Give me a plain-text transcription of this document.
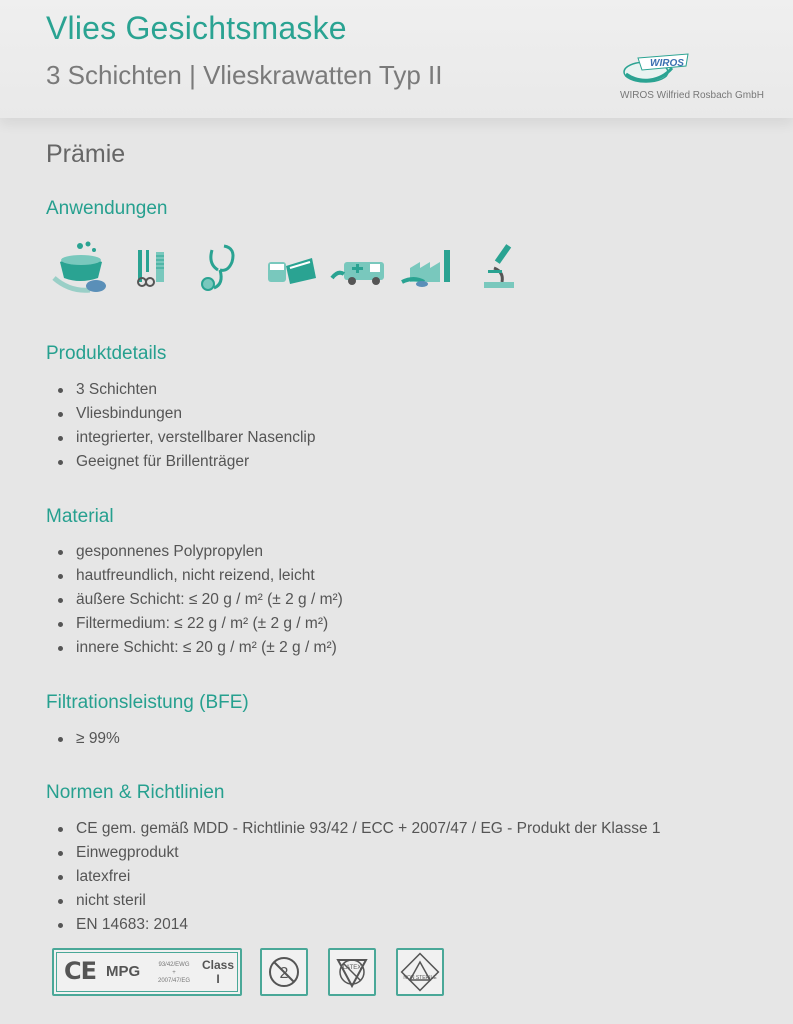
Vlies Gesichtsmaske
3 Schichten | Vlieskrawatten Typ II	WIROS
WIROS Wilfried Rosbach GmbH
Prämie
Anwendungen
Produktdetails
3 Schichten
Vliesbindungen
integrierter, verstellbarer Nasenclip
Geeignet für Brillenträger
Material
gesponnenes Polypropylen
hautfreundlich, nicht reizend, leicht
äußere Schicht: ≤ 20 g / m² (± 2 g / m²)
Filtermedium: ≤ 22 g / m² (± 2 g / m²)
innere Schicht: ≤ 20 g / m² (± 2 g / m²)
Filtrationsleistung (BFE)
≥ 99%
Normen & Richtlinien
CE gem. gemäß MDD - Richtlinie 93/42 / ECC + 2007/47 / EG - Produkt der Klasse 1
Einwegprodukt
latexfrei
nicht steril
EN 14683: 2014
CE MPG	93/42/EWG
+
2007/47/EG
Class
I	2	LATEX
NON STERILE
